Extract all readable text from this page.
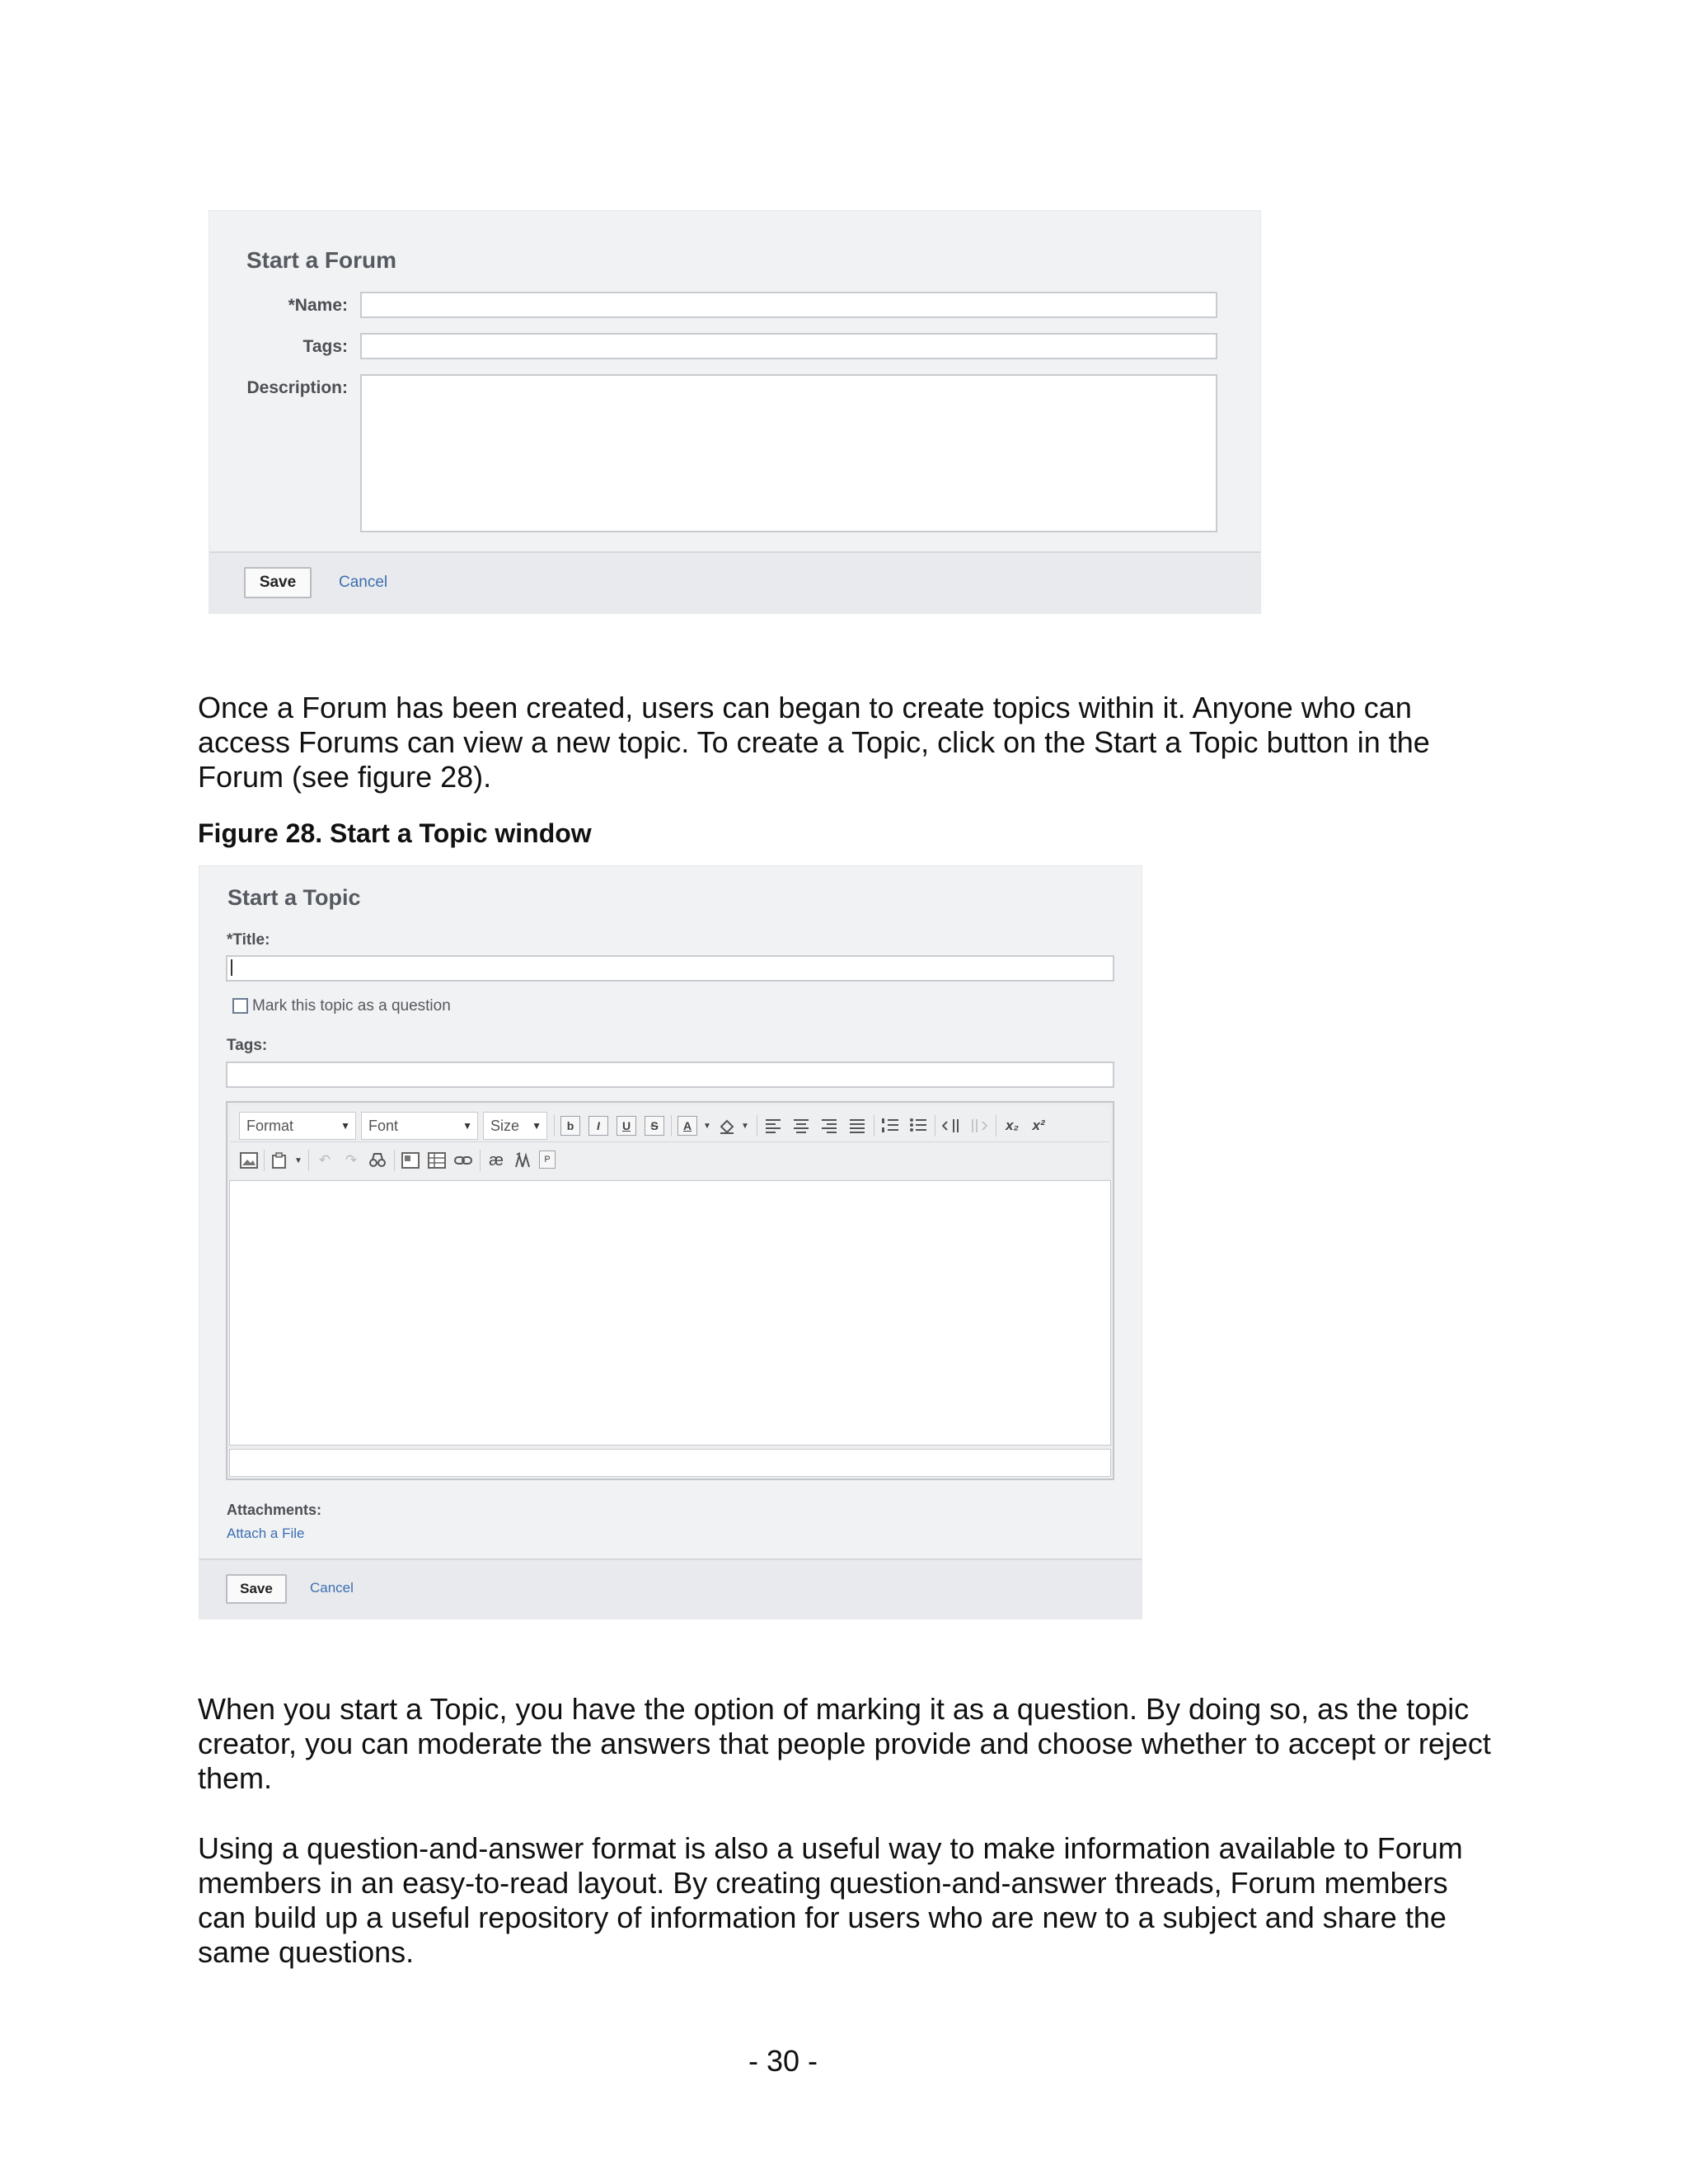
Start a Forum
*Name:
Tags:
Description:
Save	Cancel
Once a Forum has been created, users can began to create topics within it. Anyone who can access Forums can view a new topic. To create a Topic, click on the Start a Topic button in the Forum (see figure 28).
Figure 28. Start a Topic window
Start a Topic
*Title:
Mark this topic as a question
Tags:
Format	▼	Font	▼	Size ▼	b	I	U	S	A	▼	▼	x₂ x²
▼	↶ ↷	æ	P
Attachments:
Attach a File
Save	Cancel
When you start a Topic, you have the option of marking it as a question. By doing so, as the topic creator, you can moderate the answers that people provide and choose whether to accept or reject them.
Using a question-and-answer format is also a useful way to make information available to Forum members in an easy-to-read layout. By creating question-and-answer threads, Forum members can build up a useful repository of information for users who are new to a subject and share the same questions.
- 30 -
